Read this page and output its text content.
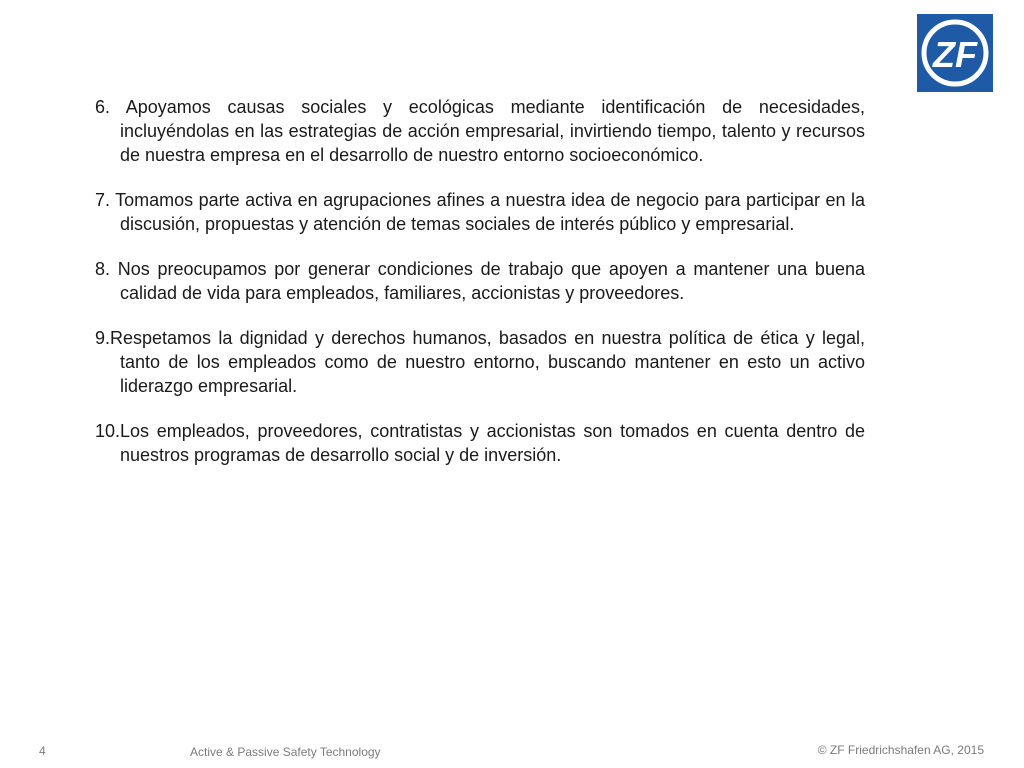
ZF

6. Apoyamos causas sociales y ecológicas mediante identificación de necesidades, incluyéndolas en las estrategias de acción empresarial, invirtiendo tiempo, talento y recursos de nuestra empresa en el desarrollo de nuestro entorno socioeconómico.

7. Tomamos parte activa en agrupaciones afines a nuestra idea de negocio para participar en la discusión, propuestas y atención de temas sociales de interés público y empresarial.

8. Nos preocupamos por generar condiciones de trabajo que apoyen a mantener una buena calidad de vida para empleados, familiares, accionistas y proveedores.

9.Respetamos la dignidad y derechos humanos, basados en nuestra política de ética y legal, tanto de los empleados como de nuestro entorno, buscando mantener en esto un activo liderazgo empresarial.

10.Los empleados, proveedores, contratistas y accionistas son tomados en cuenta dentro de nuestros programas de desarrollo social y de inversión.

4	Active & Passive Safety Technology	© ZF Friedrichshafen AG, 2015
